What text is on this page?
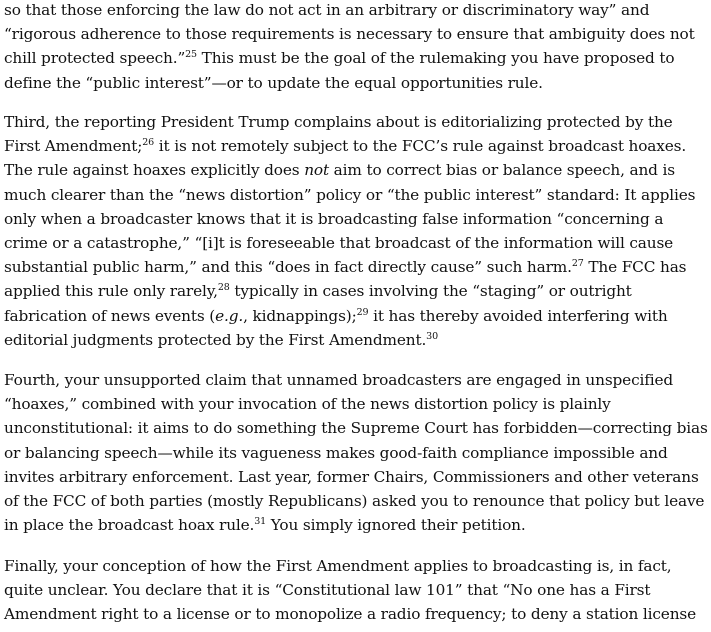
so that those enforcing the law do not act in an arbitrary or discriminatory way” and “rigorous adherence to those requirements is necessary to ensure that ambiguity does not chill protected speech.”$^{25}$ This must be the goal of the rulemaking you have proposed to define the “public interest”—or to update the equal opportunities rule.

Third, the reporting President Trump complains about is editorializing protected by the First Amendment;$^{26}$ it is not remotely subject to the FCC’s rule against broadcast hoaxes. The rule against hoaxes explicitly does not aim to correct bias or balance speech, and is much clearer than the “news distortion” policy or “the public interest” standard: It applies only when a broadcaster knows that it is broadcasting false information “concerning a crime or a catastrophe,” “[i]t is foreseeable that broadcast of the information will cause substantial public harm,” and this “does in fact directly cause” such harm.$^{27}$ The FCC has applied this rule only rarely,$^{28}$ typically in cases involving the “staging” or outright fabrication of news events (e.g., kidnappings);$^{29}$ it has thereby avoided interfering with editorial judgments protected by the First Amendment.$^{30}$

Fourth, your unsupported claim that unnamed broadcasters are engaged in unspecified “hoaxes,” combined with your invocation of the news distortion policy is plainly unconstitutional: it aims to do something the Supreme Court has forbidden—correcting bias or balancing speech—while its vagueness makes good-faith compliance impossible and invites arbitrary enforcement. Last year, former Chairs, Commissioners and other veterans of the FCC of both parties (mostly Republicans) asked you to renounce that policy but leave in place the broadcast hoax rule.$^{31}$ You simply ignored their petition.

Finally, your conception of how the First Amendment applies to broadcasting is, in fact, quite unclear. You declare that it is “Constitutional law 101” that “No one has a First Amendment right to a license or to monopolize a radio frequency; to deny a station license
